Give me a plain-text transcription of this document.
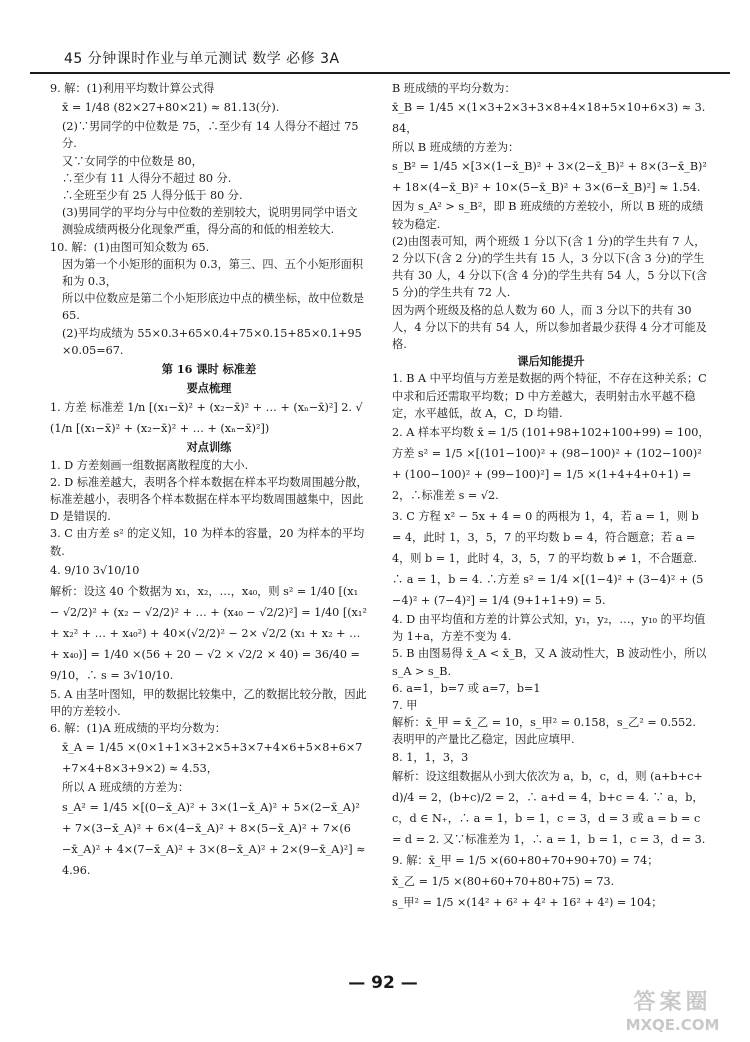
45 分钟课时作业与单元测试 数学 必修 3A

9. 解：(1)利用平均数计算公式得

x̄ = 1/48 (82×27+80×21) ≈ 81.13(分).

(2)∵男同学的中位数是 75，∴至少有 14 人得分不超过 75 分.

又∵女同学的中位数是 80，

∴至少有 11 人得分不超过 80 分.

∴全班至少有 25 人得分低于 80 分.

(3)男同学的平均分与中位数的差别较大，说明男同学中语文测验成绩两极分化现象严重，得分高的和低的相差较大.

10. 解：(1)由图可知众数为 65.

因为第一个小矩形的面积为 0.3，第三、四、五个小矩形面积和为 0.3，

所以中位数应是第二个小矩形底边中点的横坐标，故中位数是 65.

(2)平均成绩为 55×0.3+65×0.4+75×0.15+85×0.1+95×0.05=67.

第 16 课时 标准差

要点梳理

1. 方差 标准差 1/n [(x₁−x̄)² + (x₂−x̄)² + … + (xₙ−x̄)²] 2. √(1/n [(x₁−x̄)² + (x₂−x̄)² + … + (xₙ−x̄)²])

对点训练

1. D 方差刻画一组数据离散程度的大小.

2. D 标准差越大，表明各个样本数据在样本平均数周围越分散，标准差越小，表明各个样本数据在样本平均数周围越集中，因此 D 是错误的.

3. C 由方差 s² 的定义知，10 为样本的容量，20 为样本的平均数.

4. 9/10 3√10/10

解析：设这 40 个数据为 x₁，x₂，…，x₄₀，则 s² = 1/40 [(x₁ − √2/2)² + (x₂ − √2/2)² + … + (x₄₀ − √2/2)²] = 1/40 [(x₁² + x₂² + … + x₄₀²) + 40×(√2/2)² − 2× √2/2 (x₁ + x₂ + … + x₄₀)] = 1/40 ×(56 + 20 − √2 × √2/2 × 40) = 36/40 = 9/10，∴ s = 3√10/10.

5. A 由茎叶图知，甲的数据比较集中，乙的数据比较分散，因此甲的方差较小.

6. 解：(1)A 班成绩的平均分数为：

x̄_A = 1/45 ×(0×1+1×3+2×5+3×7+4×6+5×8+6×7+7×4+8×3+9×2) ≈ 4.53，

所以 A 班成绩的方差为：

s_A² = 1/45 ×[(0−x̄_A)² + 3×(1−x̄_A)² + 5×(2−x̄_A)² + 7×(3−x̄_A)² + 6×(4−x̄_A)² + 8×(5−x̄_A)² + 7×(6−x̄_A)² + 4×(7−x̄_A)² + 3×(8−x̄_A)² + 2×(9−x̄_A)²] ≈ 4.96.

B 班成绩的平均分数为：

x̄_B = 1/45 ×(1×3+2×3+3×8+4×18+5×10+6×3) ≈ 3.84，

所以 B 班成绩的方差为：

s_B² = 1/45 ×[3×(1−x̄_B)² + 3×(2−x̄_B)² + 8×(3−x̄_B)² + 18×(4−x̄_B)² + 10×(5−x̄_B)² + 3×(6−x̄_B)²] ≈ 1.54.

因为 s_A² > s_B²，即 B 班成绩的方差较小，所以 B 班的成绩较为稳定.

(2)由图表可知，两个班级 1 分以下(含 1 分)的学生共有 7 人，2 分以下(含 2 分)的学生共有 15 人，3 分以下(含 3 分)的学生共有 30 人，4 分以下(含 4 分)的学生共有 54 人，5 分以下(含 5 分)的学生共有 72 人.

因为两个班级及格的总人数为 60 人，而 3 分以下的共有 30 人，4 分以下的共有 54 人，所以参加者最少获得 4 分才可能及格.

课后知能提升

1. B A 中平均值与方差是数据的两个特征，不存在这种关系；C 中求和后还需取平均数；D 中方差越大，表明射击水平越不稳定，水平越低，故 A，C，D 均错.

2. A 样本平均数 x̄ = 1/5 (101+98+102+100+99) = 100，方差 s² = 1/5 ×[(101−100)² + (98−100)² + (102−100)² + (100−100)² + (99−100)²] = 1/5 ×(1+4+4+0+1) = 2，∴标准差 s = √2.

3. C 方程 x² − 5x + 4 = 0 的两根为 1，4，若 a = 1，则 b = 4，此时 1，3，5，7 的平均数 b = 4，符合题意；若 a = 4，则 b = 1，此时 4，3，5，7 的平均数 b ≠ 1，不合题意. ∴ a = 1，b = 4. ∴方差 s² = 1/4 ×[(1−4)² + (3−4)² + (5−4)² + (7−4)²] = 1/4 (9+1+1+9) = 5.

4. D 由平均值和方差的计算公式知，y₁，y₂，…，y₁₀ 的平均值为 1+a，方差不变为 4.

5. B 由图易得 x̄_A < x̄_B，又 A 波动性大，B 波动性小，所以 s_A > s_B.

6. a=1，b=7 或 a=7，b=1

7. 甲

解析：x̄_甲 = x̄_乙 = 10，s_甲² = 0.158，s_乙² = 0.552. 表明甲的产量比乙稳定，因此应填甲.

8. 1，1，3，3

解析：设这组数据从小到大依次为 a，b，c，d，则 (a+b+c+d)/4 = 2，(b+c)/2 = 2，∴ a+d = 4，b+c = 4. ∵ a，b，c，d ∈ N₊，∴ a = 1，b = 1，c = 3，d = 3 或 a = b = c = d = 2. 又∵标准差为 1，∴ a = 1，b = 1，c = 3，d = 3.

9. 解：x̄_甲 = 1/5 ×(60+80+70+90+70) = 74；

x̄_乙 = 1/5 ×(80+60+70+80+75) = 73.

s_甲² = 1/5 ×(14² + 6² + 4² + 16² + 4²) = 104；

— 92 —
答案圈
MXQE.COM
